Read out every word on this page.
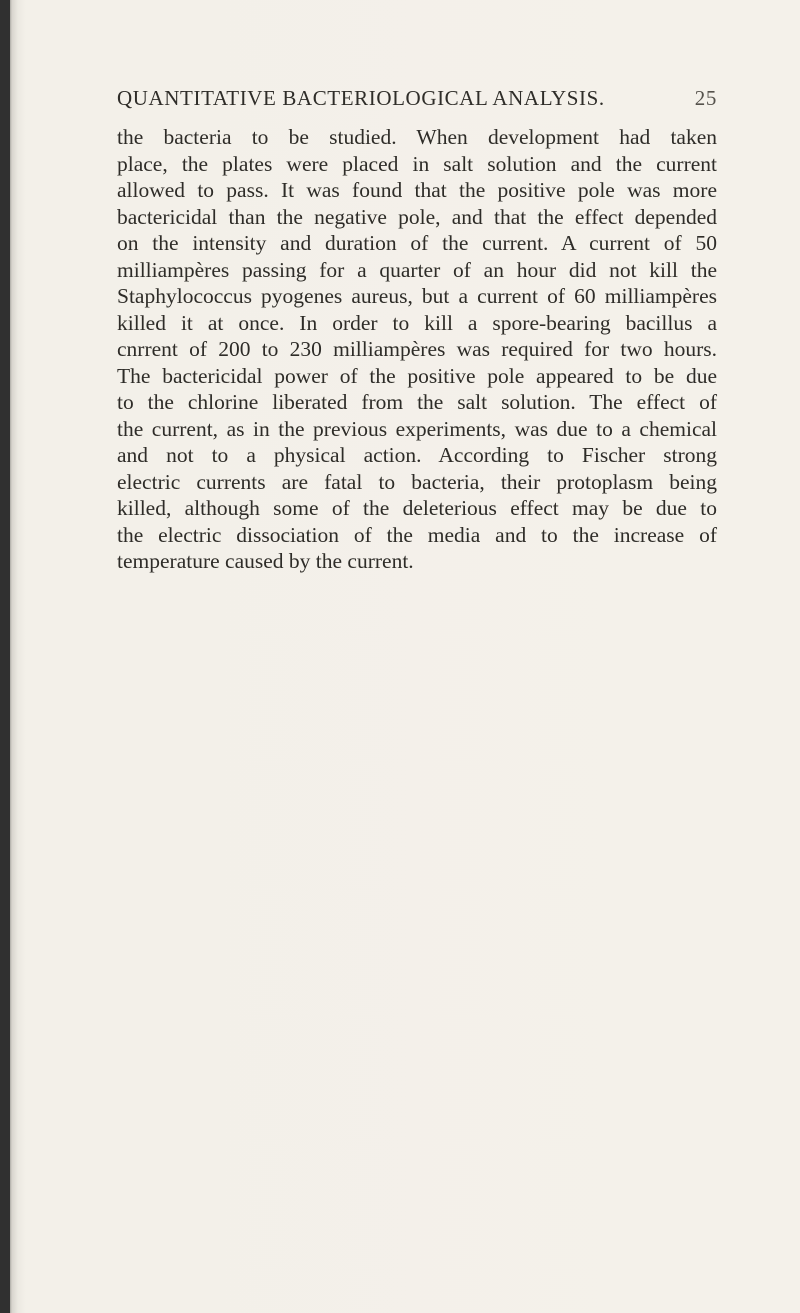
QUANTITATIVE BACTERIOLOGICAL ANALYSIS.	25
the bacteria to be studied. When development had taken
place, the plates were placed in salt solution and the current
allowed to pass. It was found that the positive pole was more
bactericidal than the negative pole, and that the effect depended
on the intensity and duration of the current. A current of 50
milliampères passing for a quarter of an hour did not kill the
Staphylococcus pyogenes aureus, but a current of 60 milliampères
killed it at once. In order to kill a spore-bearing bacillus a
cnrrent of 200 to 230 milliampères was required for two hours.
The bactericidal power of the positive pole appeared to be due
to the chlorine liberated from the salt solution. The effect of
the current, as in the previous experiments, was due to a chemical
and not to a physical action. According to Fischer strong
electric currents are fatal to bacteria, their protoplasm being
killed, although some of the deleterious effect may be due to
the electric dissociation of the media and to the increase of
temperature caused by the current.
